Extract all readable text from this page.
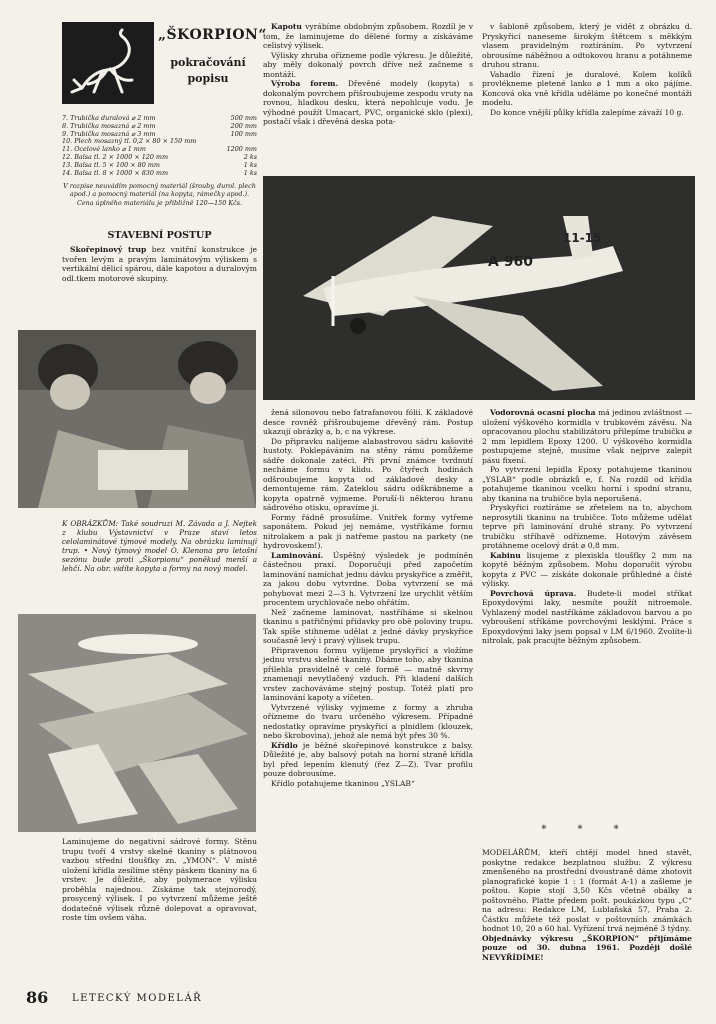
„ŠKORPION“
pokračování
popisu
7. Trubička duralová ⌀ 2 mm	500 mm
8. Trubička mosazná ⌀ 2 mm	200 mm
9. Trubička mosazná ⌀ 3 mm	100 mm
10. Plech mosazný tl. 0,2 × 80 × 150 mm	
11. Ocelové lanko ⌀ 1 mm	1200 mm
12. Balsa tl. 2 × 1000 × 120 mm	2 ks
13. Balsa tl. 5 × 100 × 80 mm	1 ks
14. Balsa tl. 8 × 1000 × 830 mm	1 ks
V rozpise neuvádím pomocný materiál (šrouby, durol. plech apod.) a pomocný materiál (na kopyta, rámečky apod.).
Cena úplného materiálu je přibližně 120—150 Kčs.
STAVEBNÍ POSTUP

Skořepinový trup bez vnitřní konstrukce je tvořen levým a pravým laminátovým výliskem s vertikální dělicí spárou, dále kapotou a duralovým odl.tkem motorové skupiny.

K OBRÁZKŮM: Také soudruzi M. Závada a J. Nejtek z klubu Výstavnictví v Praze staví letos celolaminátové týmové modely. Na obrázku laminují trup. • Nový týmový model O. Klenona pro letošní sezónu bude proti „Škorpionu“ poněkud menší a lehčí. Na obr. vidíte kopyta a formy na nový model.
Laminujeme do negativní sádrové formy. Stěnu trupu tvoří 4 vrstvy skelné tkaniny s plátnovou vazbou střední tloušťky zn. „YMON“. V místě uložení křídla zesílíme stěny páskem tkaniny na 6 vrstev. Je důležité, aby polymerace výlisku proběhla najednou. Získáme tak stejnorodý, prosycený výlisek. I po vytvrzení můžeme ještě dodatečně výlisek různě dolepovat a opravovat, roste tím ovšem váha.

Kapotu vyrábíme obdobným způsobem. Rozdíl je v tom, že laminujeme do dělené formy a získáváme celistvý výlisek.

Výlisky zhruba ořízneme podle výkresu. Je důležité, aby měly dokonalý povrch dříve než začneme s montáží.

Výroba forem. Dřevěné modely (kopyta) s dokonalým povrchem přišroubujeme zespodu vruty na rovnou, hladkou desku, která nepohlcuje vodu. Je výhodné použít Umacart, PVC, organické sklo (plexi), postačí však i dřevěná deska pota-

v šabloně způsobem, který je vidět z obrázku d. Pryskyřicí naneseme širokým štětcem s měkkým vlasem pravidelným roztíráním. Po vytvrzení obrousíme náběžnou a odtokovou hranu a potáhneme druhou stranu.

Vahadlo řízení je duralové. Kolem kolíků provlékneme pletené lanko ⌀ 1 mm a oko pájíme. Koncová oka vně křídla uděláme po konečné montáži modelu.

Do konce vnější půlky křídla zalepíme závaží 10 g.

11-15
A 960

žená silonovou nebo fatrafanovou fólií. K základové desce rovněž přišroubujeme dřevěný rám. Postup ukazují obrázky a, b, c na výkrese.

Do připravku nalijeme alabastrovou sádru kašovité hustoty. Poklepáváním na stěny rámu pomůžeme sádře dokonale zatéci. Při první známce tvrdnutí necháme formu v klidu. Po čtyřech hodinách odšroubujeme kopyta od základové desky a demontujeme rám. Zateklou sádru odškrábneme a kopyta opatrně vyjmeme. Poruší-li některou hranu sádrového otisku, opravíme ji.

Formy řádně prosušíme. Vnitřek formy vytřeme saponátem. Pokud jej nemáme, vystříkáme formu nitrolakem a pak ji natřeme pastou na parkety (ne hydrovoskem!).

Laminování. Úspěšný výsledek je podmíněn částečnou praxí. Doporučuji před započetím laminování namíchat jednu dávku pryskyřice a změřit, za jakou dobu vytvrdne. Doba vytvrzení se má pohybovat mezi 2—3 h. Vytvrzení lze urychlit větším procentem urychlovače nebo ohřátím.

Než začneme laminovat, nastříháme si skelnou tkaninu s patřičnými přídavky pro obě poloviny trupu. Tak spíše stihneme udělat z jedné dávky pryskyřice současně levý i pravý výlisek trupu.

Připravenou formu vylijeme pryskyřicí a vložíme jednu vrstvu skelné tkaniny. Dbáme toho, aby tkanina přilehla pravidelně v celé formě — matně skvrny znamenají nevytlačený vzduch. Při kladení dalších vrstev zachováváme stejný postup. Totéž platí pro laminování kapoty a víčeten.

Vytvrzené výlisky vyjmeme z formy a zhruba ořízneme do tvaru určeného výkresem. Případné nedostatky opravíme pryskyřicí a plnidlem (klouzek, nebo škrobovina), jehož ale nemá být přes 30 %.

Křídlo je běžné skořepinové konstrukce z balsy. Důležité je, aby balsový potah na horní straně křídla byl před lepením klenutý (řez Z—Z). Tvar profilu pouze dobrousíme.

Křídlo potahujeme tkaninou „YSLAB“

Vodorovná ocasní plocha má jedinou zvláštnost — uložení výškového kormidla v trubkovém závěsu. Na opracovanou plochu stabilizátoru přilepíme trubičku ⌀ 2 mm lepidlem Epoxy 1200. U výškového kormidla postupujeme stejně, musíme však nejprve zalepit pásu fixení.

Po vytvrzení lepidla Epoxy potahujeme tkaninou „YSLAB“ podle obrázků e, f. Na rozdíl od křídla potahujeme tkaninou vcelku horní i spodní stranu, aby tkanina na trubičce byla neporušená.

Pryskyřici roztíráme se zřetelem na to, abychom neprosytili tkaninu na trubičce. Toto můžeme udělat teprve při laminování druhé strany. Po vytvrzení trubičku stříhavě odřízneme. Hotovým závěsem protáhneme ocelový drát ⌀ 0,8 mm.

Kabinu lisujeme z plexiskla tloušťky 2 mm na kopytě běžným způsobem. Mohu doporučit výrobu kopyta z PVC — získáte dokonale průhledné a čisté výlisky.

Povrchová úprava. Budete-li model stříkat Epoxydovými laky, nesmíte použít nitroemole. Vyhlazený model nastříkáme základovou barvou a po vybroušení stříkáme povrchovými lesklými. Práce s Epoxydovými laky jsem popsal v LM 6/1960. Zvolíte-li nitrolak, pak pracujte běžným způsobem.

* * *

MODELÁŘŮM, kteří chtějí model hned stavět, poskytne redakce bezplatnou službu: Z výkresu zmenšeného na prostřední dvoustraně dáme zhotovit planografické kopie 1 : 1 (formát A-1) a zašleme je poštou. Kopie stojí 3,50 Kčs včetně obálky a poštovného. Platte předem pošt. poukázkou typu „C“ na adresu: Redakce LM, Lublaňská 57, Praha 2. Částku můžete též poslat v poštovních známkách hodnot 10, 20 a 60 hal. Vyřízení trvá nejméně 3 týdny.

Objednávky výkresu „ŠKORPION“ přijímáme pouze od 30. dubna 1961. Později došlé NEVYŘÍDÍME!

86 LETECKÝ MODELÁŘ
